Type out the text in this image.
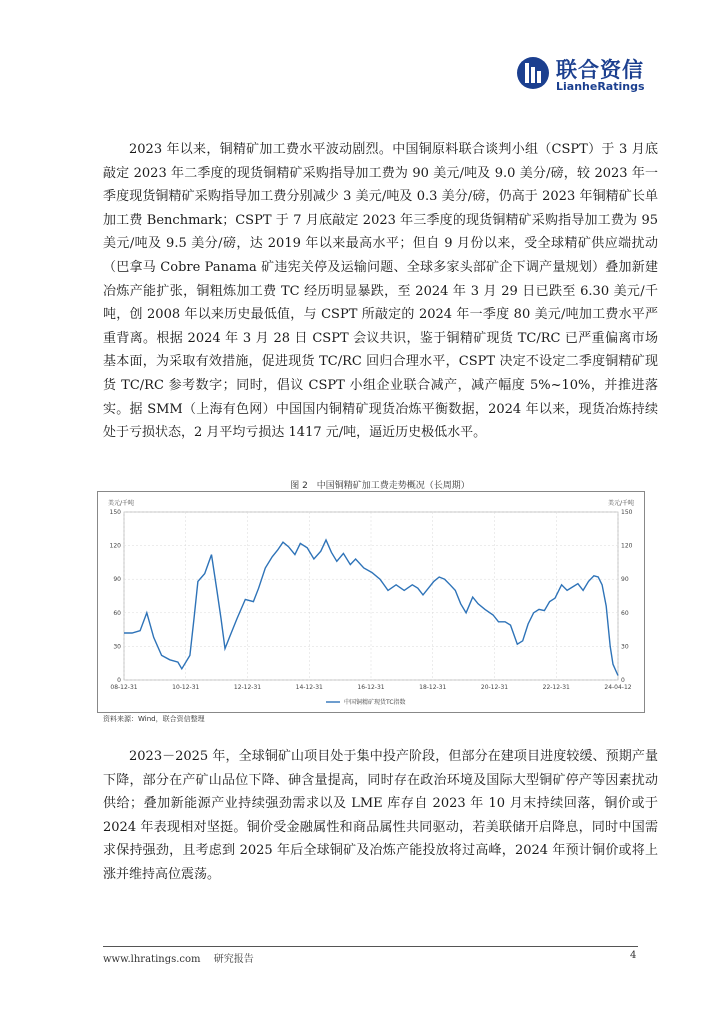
联合资信
LianheRatings

2023 年以来，铜精矿加工费水平波动剧烈。中国铜原料联合谈判小组（CSPT）于 3 月底敲定 2023 年二季度的现货铜精矿采购指导加工费为 90 美元/吨及 9.0 美分/磅，较 2023 年一季度现货铜精矿采购指导加工费分别减少 3 美元/吨及 0.3 美分/磅，仍高于 2023 年铜精矿长单加工费 Benchmark；CSPT 于 7 月底敲定 2023 年三季度的现货铜精矿采购指导加工费为 95 美元/吨及 9.5 美分/磅，达 2019 年以来最高水平；但自 9 月份以来，受全球精矿供应端扰动（巴拿马 Cobre Panama 矿违宪关停及运输问题、全球多家头部矿企下调产量规划）叠加新建冶炼产能扩张，铜粗炼加工费 TC 经历明显暴跌，至 2024 年 3 月 29 日已跌至 6.30 美元/千吨，创 2008 年以来历史最低值，与 CSPT 所敲定的 2024 年一季度 80 美元/吨加工费水平严重背离。根据 2024 年 3 月 28 日 CSPT 会议共识，鉴于铜精矿现货 TC/RC 已严重偏离市场基本面，为采取有效措施，促进现货 TC/RC 回归合理水平，CSPT 决定不设定二季度铜精矿现货 TC/RC 参考数字；同时，倡议 CSPT 小组企业联合减产，减产幅度 5%~10%，并推进落实。据 SMM（上海有色网）中国国内铜精矿现货冶炼平衡数据，2024 年以来，现货冶炼持续处于亏损状态，2 月平均亏损达 1417 元/吨，逼近历史极低水平。

图 2　中国铜精矿加工费走势概况（长周期）
0	0
30	30
60	60
90	90
120	120
150	150
美元/千吨	美元/千吨
08-12-31	10-12-31	12-12-31	14-12-31	16-12-31	18-12-31	20-12-31	22-12-31	24-04-12
中国铜精矿现货TC指数
资料来源：Wind，联合资信整理

2023－2025 年，全球铜矿山项目处于集中投产阶段，但部分在建项目进度较缓、预期产量下降，部分在产矿山品位下降、砷含量提高，同时存在政治环境及国际大型铜矿停产等因素扰动供给；叠加新能源产业持续强劲需求以及 LME 库存自 2023 年 10 月末持续回落，铜价或于 2024 年表现相对坚挺。铜价受金融属性和商品属性共同驱动，若美联储开启降息，同时中国需求保持强劲，且考虑到 2025 年后全球铜矿及冶炼产能投放将过高峰，2024 年预计铜价或将上涨并维持高位震荡。

www.lhratings.com 研究报告	4
